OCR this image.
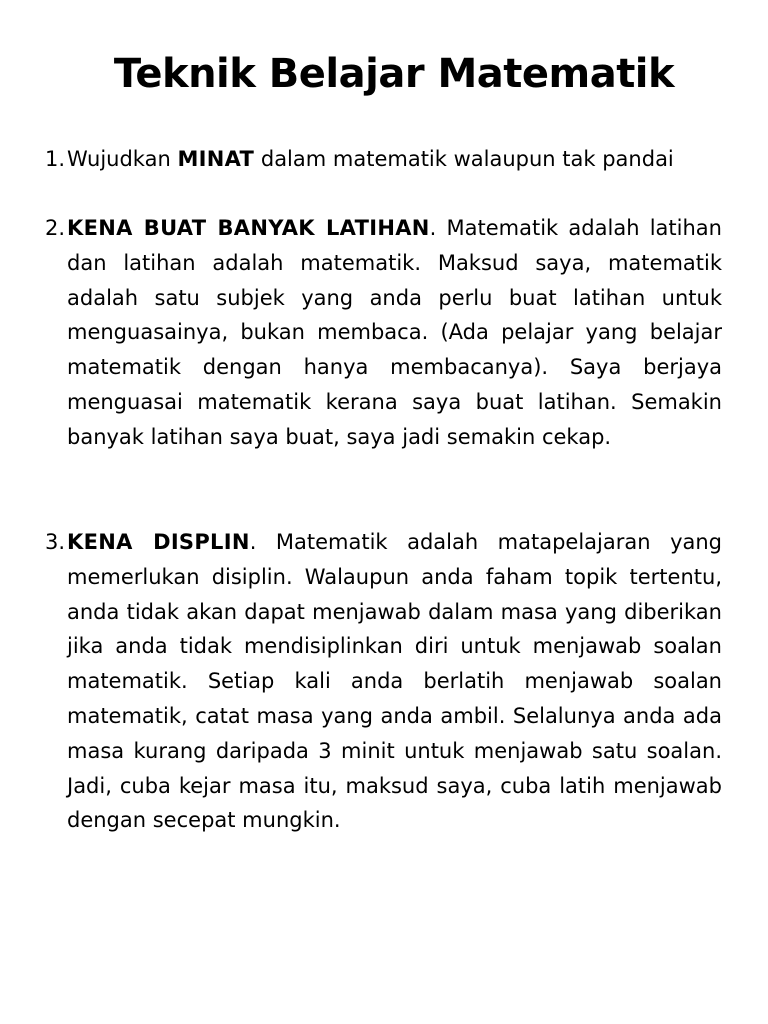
Teknik Belajar Matematik
1. Wujudkan MINAT dalam matematik walaupun tak pandai
2. KENA BUAT BANYAK LATIHAN. Matematik adalah latihan dan latihan adalah matematik. Maksud saya, matematik adalah satu subjek yang anda perlu buat latihan untuk menguasainya, bukan membaca. (Ada pelajar yang belajar matematik dengan hanya membacanya). Saya berjaya menguasai matematik kerana saya buat latihan. Semakin banyak latihan saya buat, saya jadi semakin cekap.
3. KENA DISPLIN. Matematik adalah matapelajaran yang memerlukan disiplin. Walaupun anda faham topik tertentu, anda tidak akan dapat menjawab dalam masa yang diberikan jika anda tidak mendisiplinkan diri untuk menjawab soalan matematik. Setiap kali anda berlatih menjawab soalan matematik, catat masa yang anda ambil. Selalunya anda ada masa kurang daripada 3 minit untuk menjawab satu soalan. Jadi, cuba kejar masa itu, maksud saya, cuba latih menjawab dengan secepat mungkin.
